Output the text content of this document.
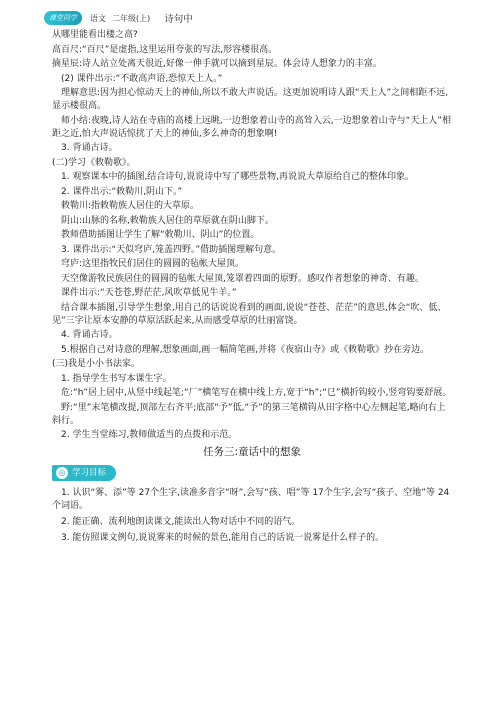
课堂同学	语文 二年级(上) 诗句中

从哪里能看出楼之高?

高百尺:“百尺”是虚指,这里运用夸张的写法,形容楼很高。

摘星辰:诗人站立处离天很近,好像一伸手就可以摘到星辰。体会诗人想象力的丰富。

(2) 课件出示:“不敢高声语,恐惊天上人。”

理解意思:因为担心惊动天上的神仙,所以不敢大声说话。这更加说明诗人跟“天上人”之间相距不远,显示楼很高。

师小结:夜晚,诗人站在寺庙的高楼上远眺,一边想象着山寺的高耸入云,一边想象着山寺与“天上人”相距之近,怕大声说话惊扰了天上的神仙,多么神奇的想象啊!

3. 背诵古诗。

(二)学习《敕勒歌》。

1. 观察课本中的插图,结合诗句,说说诗中写了哪些景物,再说说大草原给自己的整体印象。

2. 课件出示:“敕勒川,阴山下。”

敕勒川:指敕勒族人居住的大草原。

阴山:山脉的名称,敕勒族人居住的草原就在阴山脚下。

教师借助插图让学生了解“敕勒川、阴山”的位置。

3. 课件出示:“天似穹庐,笼盖四野。”借助插图理解句意。

穹庐:这里指牧民们居住的圆圆的毡帐大屋顶。

天空像游牧民族居住的圆圆的毡帐大屋顶,笼罩着四面的原野。感叹作者想象的神奇、有趣。

课件出示:“天苍苍,野茫茫,风吹草低见牛羊。”

结合课本插图,引导学生想象,用自己的话说说看到的画面,说说“苍苍、茫茫”的意思,体会“吹、低、见”三字让原本安静的草原活跃起来,从而感受草原的壮丽富饶。

4. 背诵古诗。

5.根据自己对诗意的理解,想象画面,画一幅简笔画,并将《夜宿山寺》或《敕勒歌》抄在旁边。

(三)我是小小书法家。

1. 指导学生书写本课生字。

危:“h”居上居中,从竖中线起笔;“厂”横笔写在横中线上方,宽于“h”;“㔾”横折钩较小,竖弯钩要舒展。

野:“里”末笔横改提,顶部左右齐平;底部“予”低,“予”的第三笔横钩从田字格中心左侧起笔,略向右上斜行。

2. 学生当堂练习,教师做适当的点拨和示范。

任务三:童话中的想象
◎ 学习目标

1. 认识“雾、添”等 27个生字,读准多音字“呀”,会写“孩、唱”等 17个生字,会写“孩子、空地”等 24个词语。

2. 能正确、流利地朗读课文,能读出人物对话中不同的语气。

3. 能仿照课文例句,说说雾来的时候的景色,能用自己的话说一说雾是什么样子的。
